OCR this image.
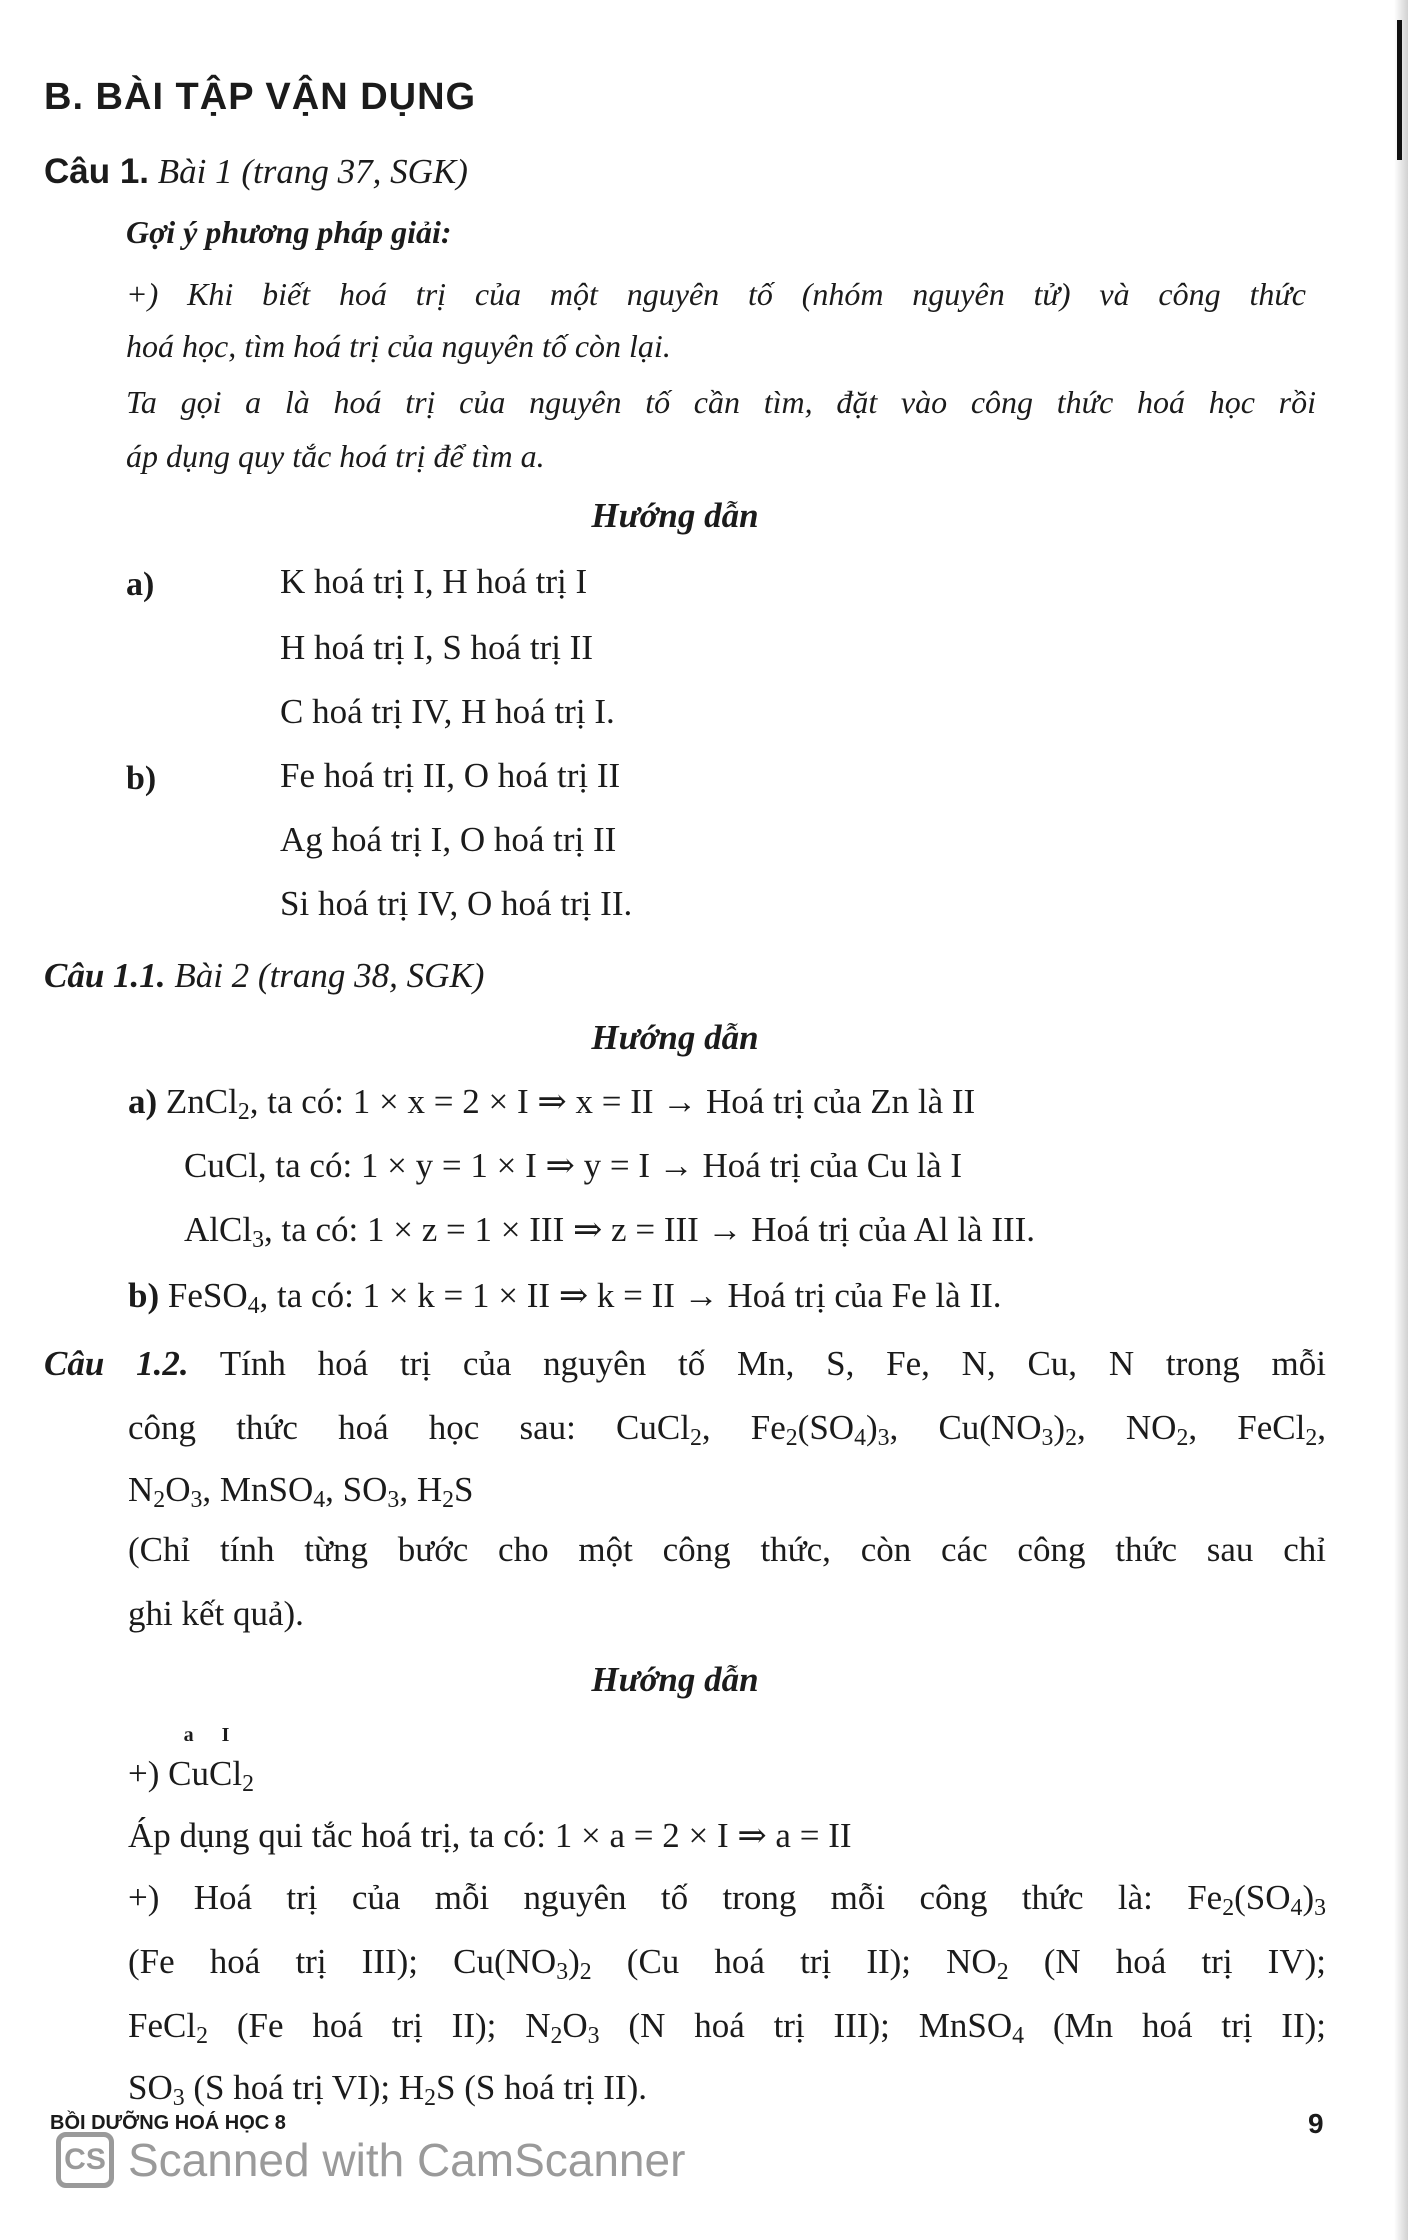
B. BÀI TẬP VẬN DỤNG
Câu 1. Bài 1 (trang 37, SGK)
Gợi ý phương pháp giải:
+) Khi biết hoá trị của một nguyên tố (nhóm nguyên tử) và công thức
hoá học, tìm hoá trị của nguyên tố còn lại.
Ta gọi a là hoá trị của nguyên tố cần tìm, đặt vào công thức hoá học rồi
áp dụng quy tắc hoá trị để tìm a.
Hướng dẫn
a)	K hoá trị I, H hoá trị I
H hoá trị I, S hoá trị II
C hoá trị IV, H hoá trị I.
b)	Fe hoá trị II, O hoá trị II
Ag hoá trị I, O hoá trị II
Si hoá trị IV, O hoá trị II.
Câu 1.1. Bài 2 (trang 38, SGK)
Hướng dẫn
a) ZnCl$_2$, ta có: 1 × x = 2 × I ⇒ x = II → Hoá trị của Zn là II
CuCl, ta có: 1 × y = 1 × I ⇒ y = I → Hoá trị của Cu là I
AlCl$_3$, ta có: 1 × z = 1 × III ⇒ z = III → Hoá trị của Al là III.
b) FeSO$_4$, ta có: 1 × k = 1 × II ⇒ k = II → Hoá trị của Fe là II.
Câu 1.2. Tính hoá trị của nguyên tố Mn, S, Fe, N, Cu, N trong mỗi
công thức hoá học sau: CuCl$_2$, $Fe_2(SO_4)_3$, $Cu(NO_3)_2$, $NO_2$, FeCl$_2$,
$N_2O_3$, MnSO$_4$, $SO_3$, $H_2S$
(Chỉ tính từng bước cho một công thức, còn các công thức sau chỉ
ghi kết quả).
Hướng dẫn
+)
a
Cu
I
$Cl_2$
Áp dụng qui tắc hoá trị, ta có: 1 × a = 2 × I ⇒ a = II
+) Hoá trị của mỗi nguyên tố trong mỗi công thức là: $Fe_2(SO_4)_3$
(Fe hoá trị III); $Cu(NO_3)_2$ (Cu hoá trị II); $NO_2$ (N hoá trị IV);
FeCl$_2$ (Fe hoá trị II); $N_2O_3$ (N hoá trị III); MnSO$_4$ (Mn hoá trị II);
$SO_3$ (S hoá trị VI); $H_2S$ (S hoá trị II).
BỒI DƯỠNG HOÁ HỌC 8	9
CS Scanned with CamScanner
